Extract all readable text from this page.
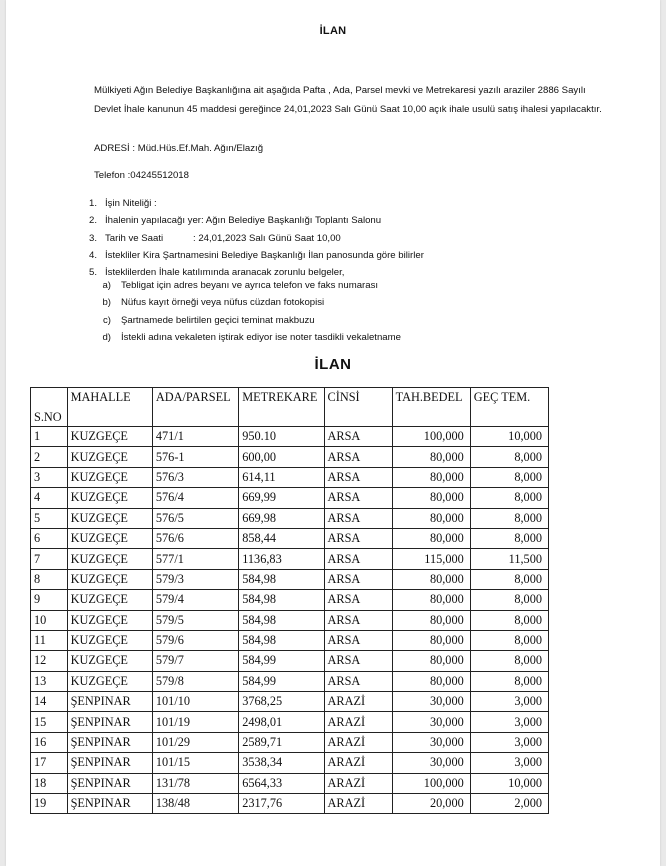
İLAN
Mülkiyeti Ağın Belediye Başkanlığına ait aşağıda Pafta , Ada, Parsel mevki ve Metrekaresi yazılı araziler 2886 Sayılı Devlet İhale kanunun 45 maddesi gereğince 24,01,2023 Salı Günü Saat 10,00 açık ihale usulü satış ihalesi yapılacaktır.
ADRESİ : Müd.Hüs.Ef.Mah. Ağın/Elazığ
Telefon :04245512018
1. İşin Niteliği :
2. İhalenin yapılacağı yer: Ağın Belediye Başkanlığı Toplantı Salonu
3. Tarih ve Saati	: 24,01,2023 Salı Günü Saat 10,00
4. İstekliler Kira Şartnamesini Belediye Başkanlığı İlan panosunda göre bilirler
5. İsteklilerden İhale katılımında aranacak zorunlu belgeler,
a) Tebligat için adres beyanı ve ayrıca telefon ve faks numarası
b) Nüfus kayıt örneği veya nüfus cüzdan fotokopisi
c) Şartnamede belirtilen geçici teminat makbuzu
d) İstekli adına vekaleten iştirak ediyor ise noter tasdikli vekaletname
İLAN
S.NO	MAHALLE	ADA/PARSEL	METREKARE	CİNSİ	TAH.BEDEL	GEÇ TEM.
1	KUZGEÇE	471/1	950.10	ARSA	100,000	10,000
2	KUZGEÇE	576-1	600,00	ARSA	80,000	8,000
3	KUZGEÇE	576/3	614,11	ARSA	80,000	8,000
4	KUZGEÇE	576/4	669,99	ARSA	80,000	8,000
5	KUZGEÇE	576/5	669,98	ARSA	80,000	8,000
6	KUZGEÇE	576/6	858,44	ARSA	80,000	8,000
7	KUZGEÇE	577/1	1136,83	ARSA	115,000	11,500
8	KUZGEÇE	579/3	584,98	ARSA	80,000	8,000
9	KUZGEÇE	579/4	584,98	ARSA	80,000	8,000
10	KUZGEÇE	579/5	584,98	ARSA	80,000	8,000
11	KUZGEÇE	579/6	584,98	ARSA	80,000	8,000
12	KUZGEÇE	579/7	584,99	ARSA	80,000	8,000
13	KUZGEÇE	579/8	584,99	ARSA	80,000	8,000
14	ŞENPINAR	101/10	3768,25	ARAZİ	30,000	3,000
15	ŞENPINAR	101/19	2498,01	ARAZİ	30,000	3,000
16	ŞENPINAR	101/29	2589,71	ARAZİ	30,000	3,000
17	ŞENPINAR	101/15	3538,34	ARAZİ	30,000	3,000
18	ŞENPINAR	131/78	6564,33	ARAZİ	100,000	10,000
19	ŞENPINAR	138/48	2317,76	ARAZİ	20,000	2,000
